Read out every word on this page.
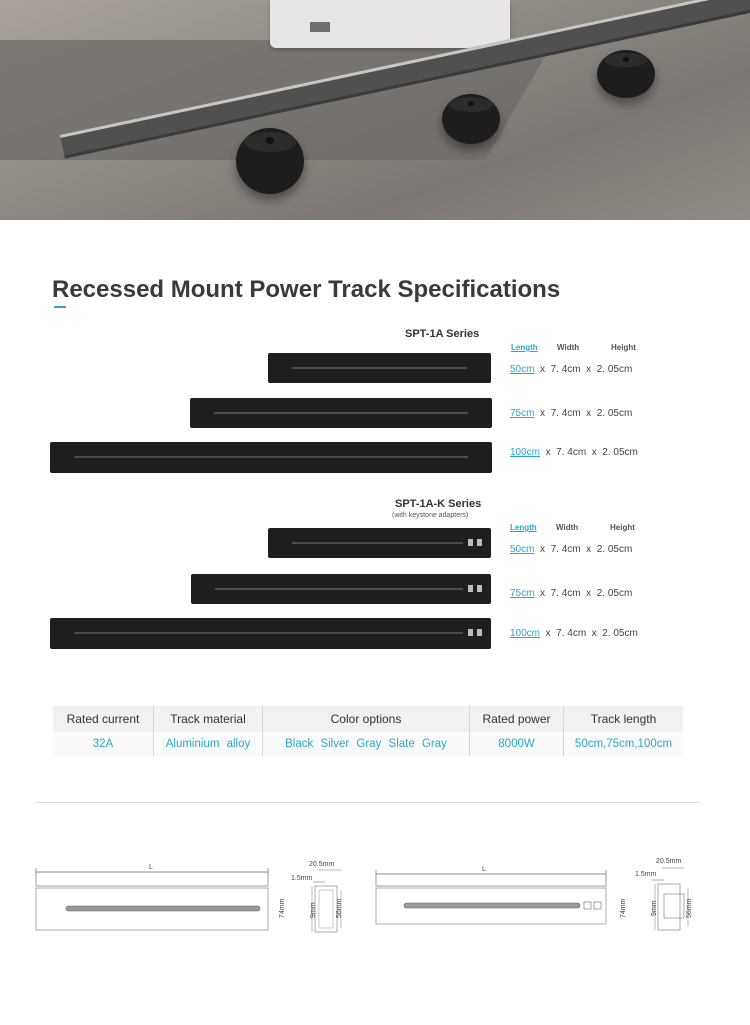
Recessed Mount Power Track Specifications
SPT-1A Series
Length Width	Height
50cm x 7. 4cm x 2. 05cm
75cm x 7. 4cm x 2. 05cm
100cm x 7. 4cm x 2. 05cm
SPT-1A-K Series
(with keystone adapters)
Length Width	Height
50cm x 7. 4cm x 2. 05cm
75cm x 7. 4cm x 2. 05cm
100cm x 7. 4cm x 2. 05cm
Rated current	Track material	Color options	Rated power	Track length
32A	Aluminium alloy	Black Silver Gray Slate Gray	8000W	50cm,75cm,100cm
L	20.5mm
1.5mm
74mm	9mm	56mm
L
20.5mm
1.5mm
74mm	9mm	56mm
